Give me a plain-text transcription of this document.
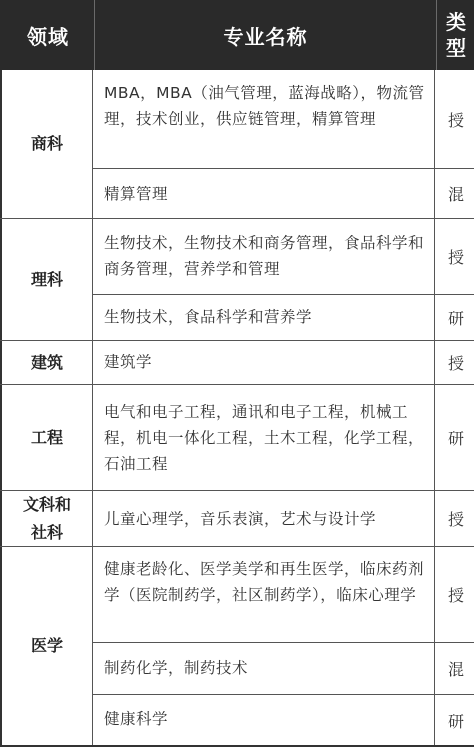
领域	专业名称
类
型
商科
理科
建筑
工程
文科和
社科
医学
MBA，MBA（油气管理，蓝海战略），物流管理，技术创业，供应链管理，精算管理
精算管理
生物技术，生物技术和商务管理，食品科学和商务管理，营养学和管理
生物技术，食品科学和营养学
建筑学
电气和电子工程，通讯和电子工程，机械工程，机电一体化工程，土木工程，化学工程，石油工程
儿童心理学，音乐表演，艺术与设计学
健康老龄化、医学美学和再生医学，临床药剂学（医院制药学，社区制药学），临床心理学
制药化学，制药技术
健康科学
授
混
授
研
授
研
授
授
混
研
